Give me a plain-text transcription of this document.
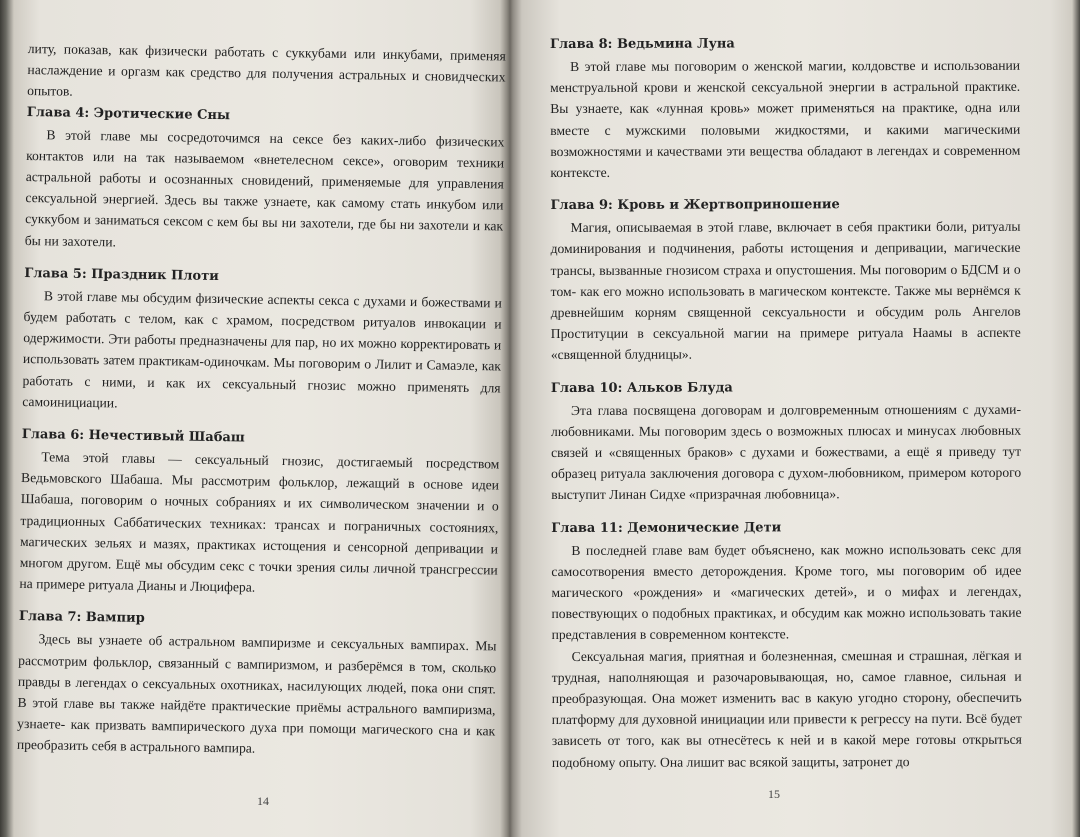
литу, показав, как физически работать с суккубами или инкубами, применяя наслаждение и оргазм как средство для получения астральных и сновидческих опытов.

Глава 4: Эротические Сны

В этой главе мы сосредоточимся на сексе без каких-либо физических контактов или на так называемом «внетелесном сексе», оговорим техники астральной работы и осознанных сновидений, применяемые для управления сексуальной энергией. Здесь вы также узнаете, как самому стать инкубом или суккубом и заниматься сексом с кем бы вы ни захотели, где бы ни захотели и как бы ни захотели.

Глава 5: Праздник Плоти

В этой главе мы обсудим физические аспекты секса с духами и божествами и будем работать с телом, как с храмом, посредством ритуалов инвокации и одержимости. Эти работы предназначены для пар, но их можно корректировать и использовать затем практикам-одиночкам. Мы поговорим о Лилит и Самаэле, как работать с ними, и как их сексуальный гнозис можно применять для самоинициации.

Глава 6: Нечестивый Шабаш

Тема этой главы — сексуальный гнозис, достигаемый посредством Ведьмовского Шабаша. Мы рассмотрим фольклор, лежащий в основе идеи Шабаша, поговорим о ночных собраниях и их символическом значении и о традиционных Саббатических техниках: трансах и пограничных состояниях, магических зельях и мазях, практиках истощения и сенсорной депривации и многом другом. Ещё мы обсудим секс с точки зрения силы личной трансгрессии на примере ритуала Дианы и Люцифера.

Глава 7: Вампир

Здесь вы узнаете об астральном вампиризме и сексуальных вампирах. Мы рассмотрим фольклор, связанный с вампиризмом, и разберёмся в том, сколько правды в легендах о сексуальных охотниках, насилующих людей, пока они спят. В этой главе вы также найдёте практические приёмы астрального вампиризма, узнаете- как призвать вампирического духа при помощи магического сна и как преобразить себя в астрального вампира.

14
Глава 8: Ведьмина Луна

В этой главе мы поговорим о женской магии, колдовстве и использовании менструальной крови и женской сексуальной энергии в астральной практике. Вы узнаете, как «лунная кровь» может применяться на практике, одна или вместе с мужскими половыми жидкостями, и какими магическими возможностями и качествами эти вещества обладают в легендах и современном контексте.

Глава 9: Кровь и Жертвоприношение

Магия, описываемая в этой главе, включает в себя практики боли, ритуалы доминирования и подчинения, работы истощения и депривации, магические трансы, вызванные гнозисом страха и опустошения. Мы поговорим о БДСМ и о том- как его можно использовать в магическом контексте. Также мы вернёмся к древнейшим корням священной сексуальности и обсудим роль Ангелов Проституции в сексуальной магии на примере ритуала Наамы в аспекте «священной блудницы».

Глава 10: Альков Блуда

Эта глава посвящена договорам и долговременным отношениям с духами-любовниками. Мы поговорим здесь о возможных плюсах и минусах любовных связей и «священных браков» с духами и божествами, а ещё я приведу тут образец ритуала заключения договора с духом-любовником, примером которого выступит Линан Сидхе «призрачная любовница».

Глава 11: Демонические Дети

В последней главе вам будет объяснено, как можно использовать секс для самосотворения вместо деторождения. Кроме того, мы поговорим об идее магического «рождения» и «магических детей», и о мифах и легендах, повествующих о подобных практиках, и обсудим как можно использовать такие представления в современном контексте.

Сексуальная магия, приятная и болезненная, смешная и страшная, лёгкая и трудная, наполняющая и разочаровывающая, но, самое главное, сильная и преобразующая. Она может изменить вас в какую угодно сторону, обеспечить платформу для духовной инициации или привести к регрессу на пути. Всё будет зависеть от того, как вы отнесётесь к ней и в какой мере готовы открыться подобному опыту. Она лишит вас всякой защиты, затронет до

15
